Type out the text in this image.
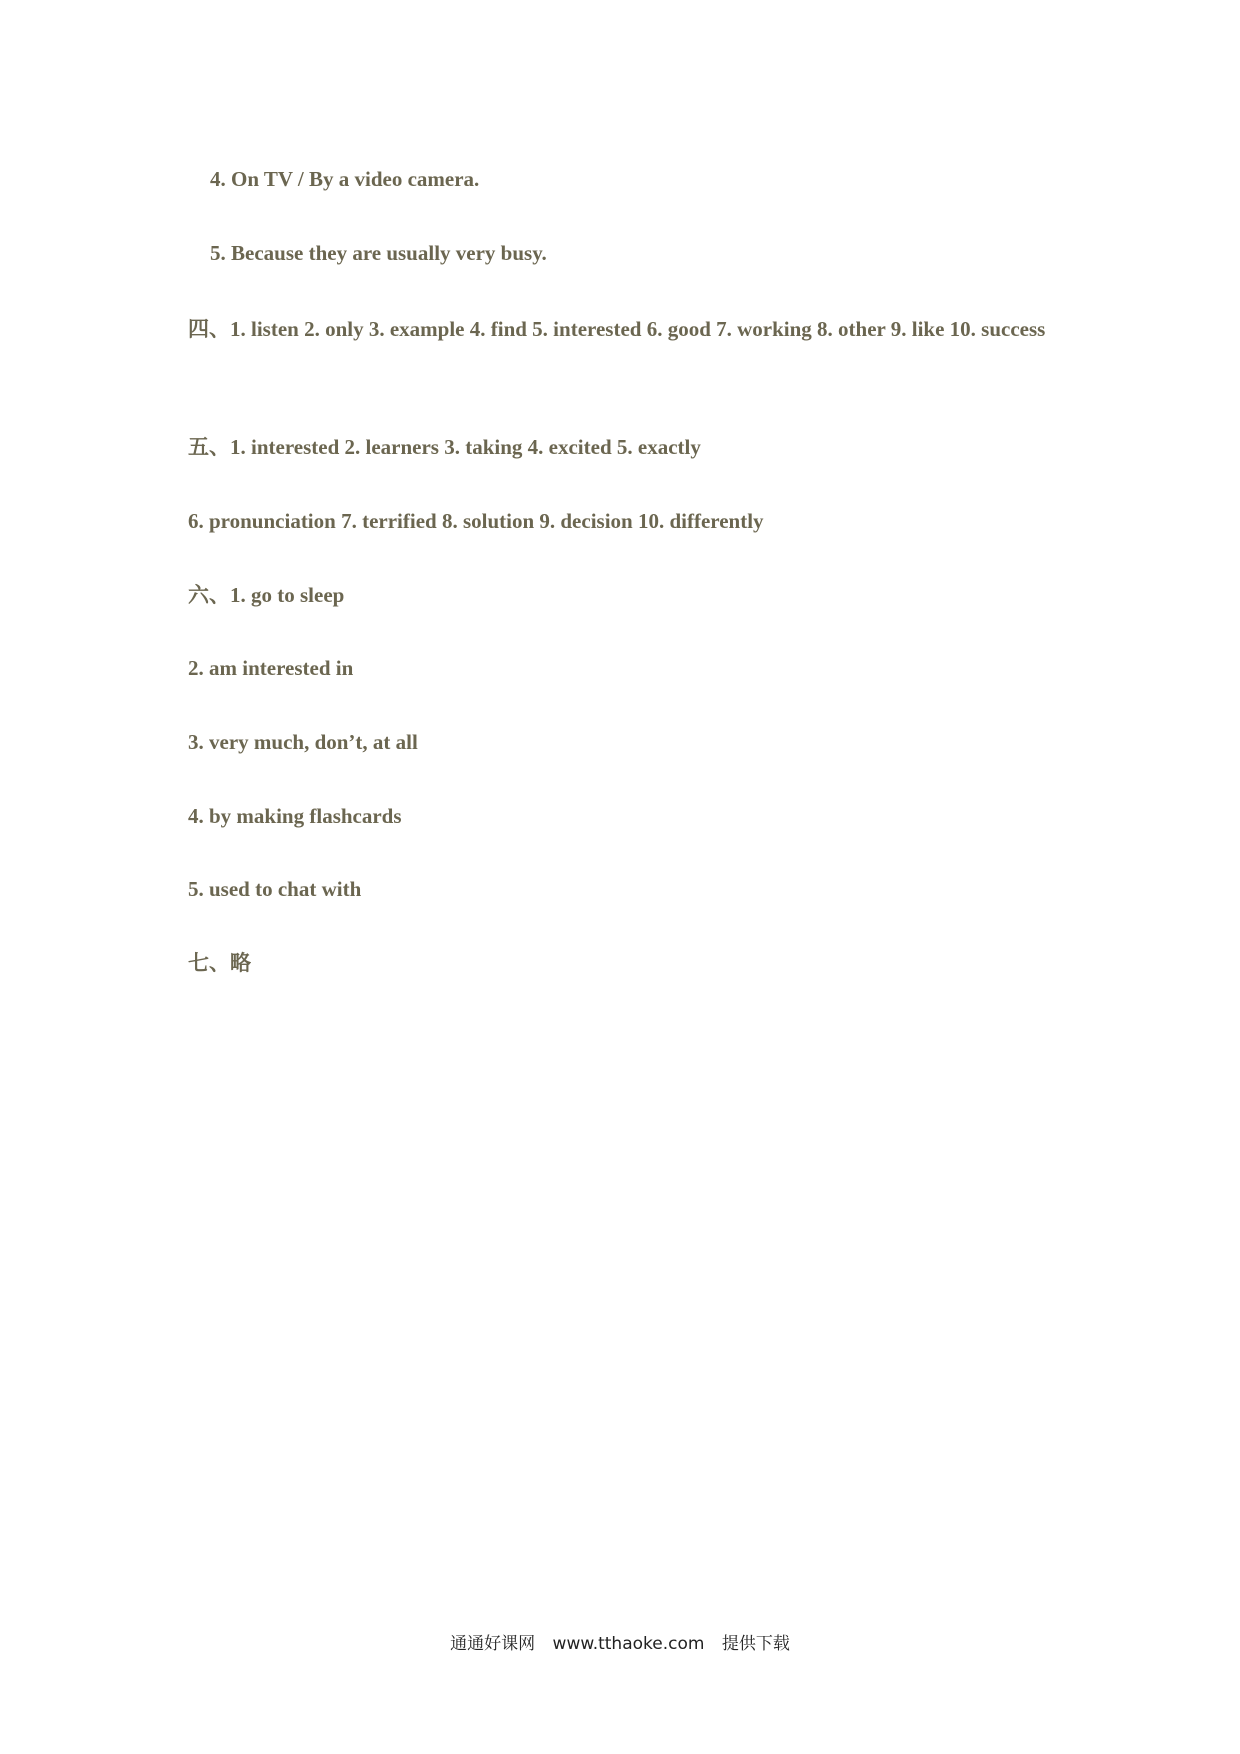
4. On TV / By a video camera.
5. Because they are usually very busy.
四、1. listen 2. only 3. example 4. find 5. interested 6. good 7. working 8. other 9. like 10. success
五、1. interested 2. learners 3. taking 4. excited 5. exactly
6. pronunciation 7. terrified 8. solution 9. decision 10. differently
六、1. go to sleep
2. am interested in
3. very much, don’t, at all
4. by making flashcards
5. used to chat with
七、略
通通好课网 www.tthaoke.com 提供下载
